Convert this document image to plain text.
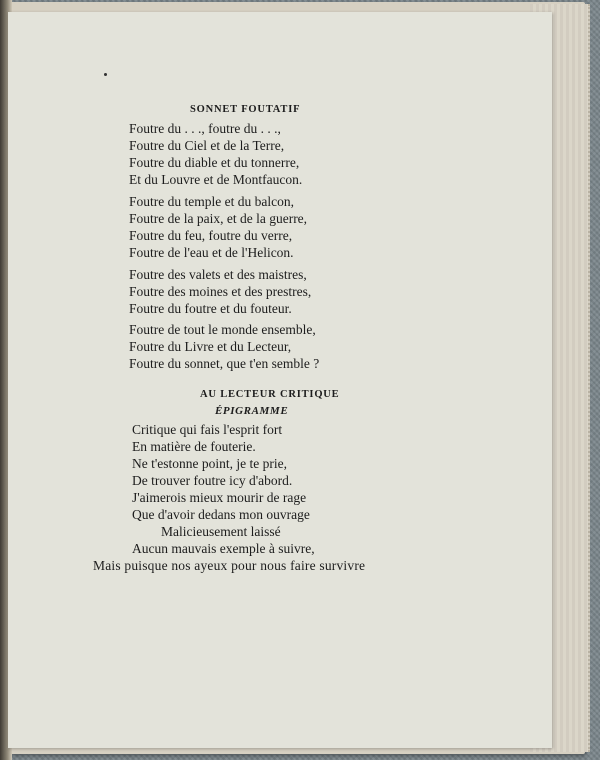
SONNET FOUTATIF
Foutre du . . ., foutre du . . .,
Foutre du Ciel et de la Terre,
Foutre du diable et du tonnerre,
Et du Louvre et de Montfaucon.
Foutre du temple et du balcon,
Foutre de la paix, et de la guerre,
Foutre du feu, foutre du verre,
Foutre de l'eau et de l'Helicon.
Foutre des valets et des maistres,
Foutre des moines et des prestres,
Foutre du foutre et du fouteur.
Foutre de tout le monde ensemble,
Foutre du Livre et du Lecteur,
Foutre du sonnet, que t'en semble ?
AU LECTEUR CRITIQUE
ÉPIGRAMME
Critique qui fais l'esprit fort
En matière de fouterie.
Ne t'estonne point, je te prie,
De trouver foutre icy d'abord.
J'aimerois mieux mourir de rage
Que d'avoir dedans mon ouvrage
Malicieusement laissé
Aucun mauvais exemple à suivre,
Mais puisque nos ayeux pour nous faire survivre
